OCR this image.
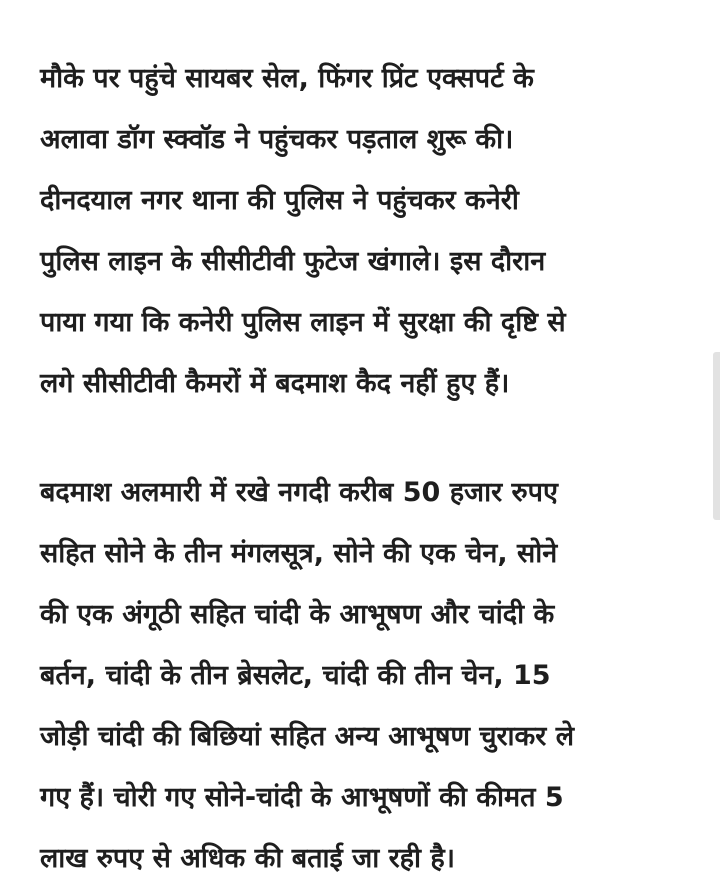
मौके पर पहुंचे सायबर सेल, फिंगर प्रिंट एक्सपर्ट के
अलावा डॉग स्क्वॉड ने पहुंचकर पड़ताल शुरू की।
दीनदयाल नगर थाना की पुलिस ने पहुंचकर कनेरी
पुलिस लाइन के सीसीटीवी फुटेज खंगाले। इस दौरान
पाया गया कि कनेरी पुलिस लाइन में सुरक्षा की दृष्टि से
लगे सीसीटीवी कैमरों में बदमाश कैद नहीं हुए हैं।
बदमाश अलमारी में रखे नगदी करीब 50 हजार रुपए
सहित सोने के तीन मंगलसूत्र, सोने की एक चेन, सोने
की एक अंगूठी सहित चांदी के आभूषण और चांदी के
बर्तन, चांदी के तीन ब्रेसलेट, चांदी की तीन चेन, 15
जोड़ी चांदी की बिछियां सहित अन्य आभूषण चुराकर ले
गए हैं। चोरी गए सोने-चांदी के आभूषणों की कीमत 5
लाख रुपए से अधिक की बताई जा रही है।
